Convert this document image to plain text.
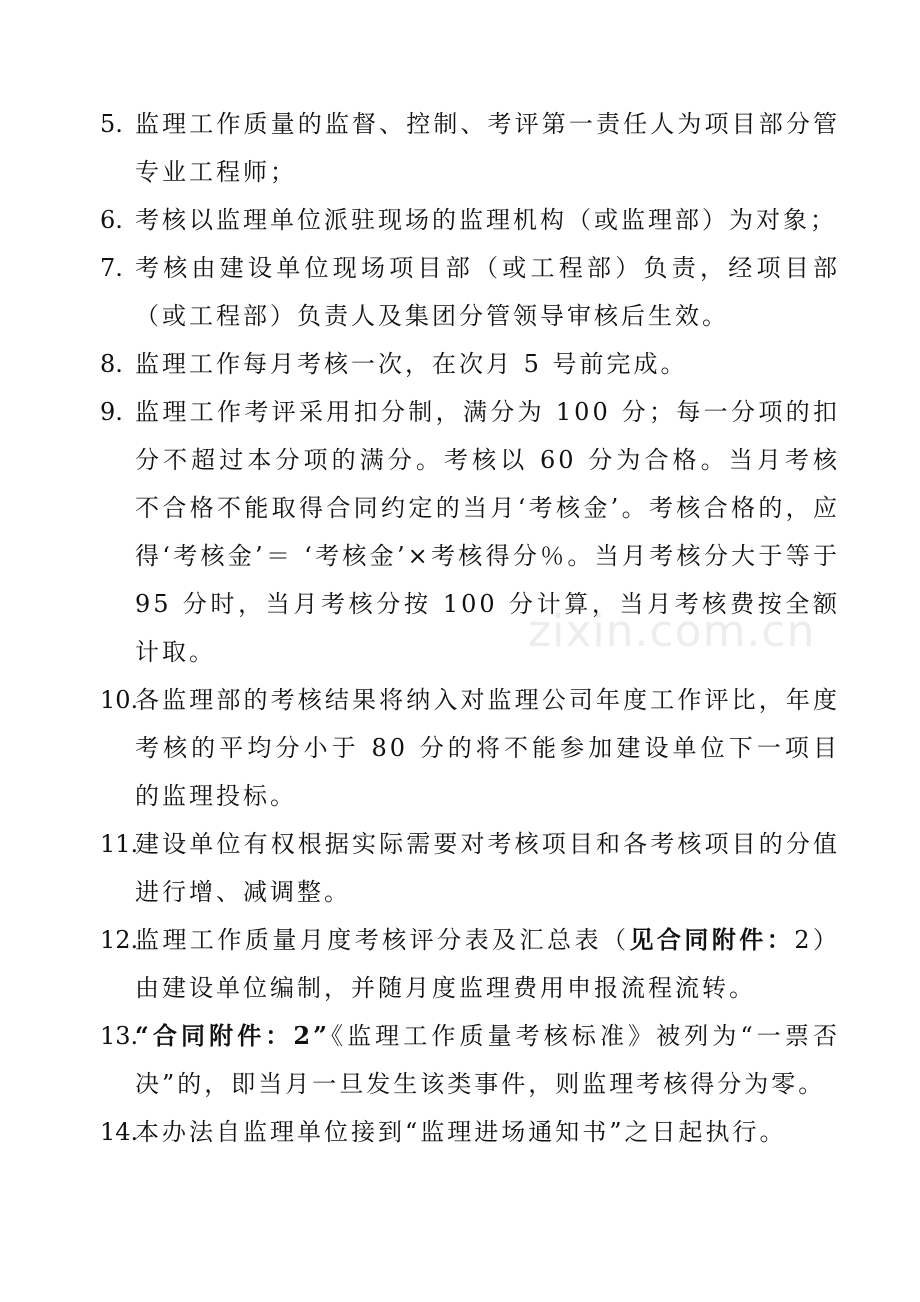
5. 监理工作质量的监督、控制、考评第一责任人为项目部分管专业工程师；
6. 考核以监理单位派驻现场的监理机构（或监理部）为对象；
7. 考核由建设单位现场项目部（或工程部）负责，经项目部（或工程部）负责人及集团分管领导审核后生效。
8. 监理工作每月考核一次，在次月 5 号前完成。
9. 监理工作考评采用扣分制，满分为 100 分；每一分项的扣分不超过本分项的满分。考核以 60 分为合格。当月考核不合格不能取得合同约定的当月‘考核金’。考核合格的，应得‘考核金’＝ ‘考核金’×考核得分％。当月考核分大于等于 95 分时，当月考核分按 100 分计算，当月考核费按全额计取。
10.
各监理部的考核结果将纳入对监理公司年度工作评比，年度考核的平均分小于 80 分的将不能参加建设单位下一项目的监理投标。
11.
建设单位有权根据实际需要对考核项目和各考核项目的分值进行增、减调整。
12.
监理工作质量月度考核评分表及汇总表（见合同附件：2）由建设单位编制，并随月度监理费用申报流程流转。
13.
“合同附件：2”《监理工作质量考核标准》被列为“一票否决”的，即当月一旦发生该类事件，则监理考核得分为零。
14.
本办法自监理单位接到“监理进场通知书”之日起执行。
zixin.com.cn
